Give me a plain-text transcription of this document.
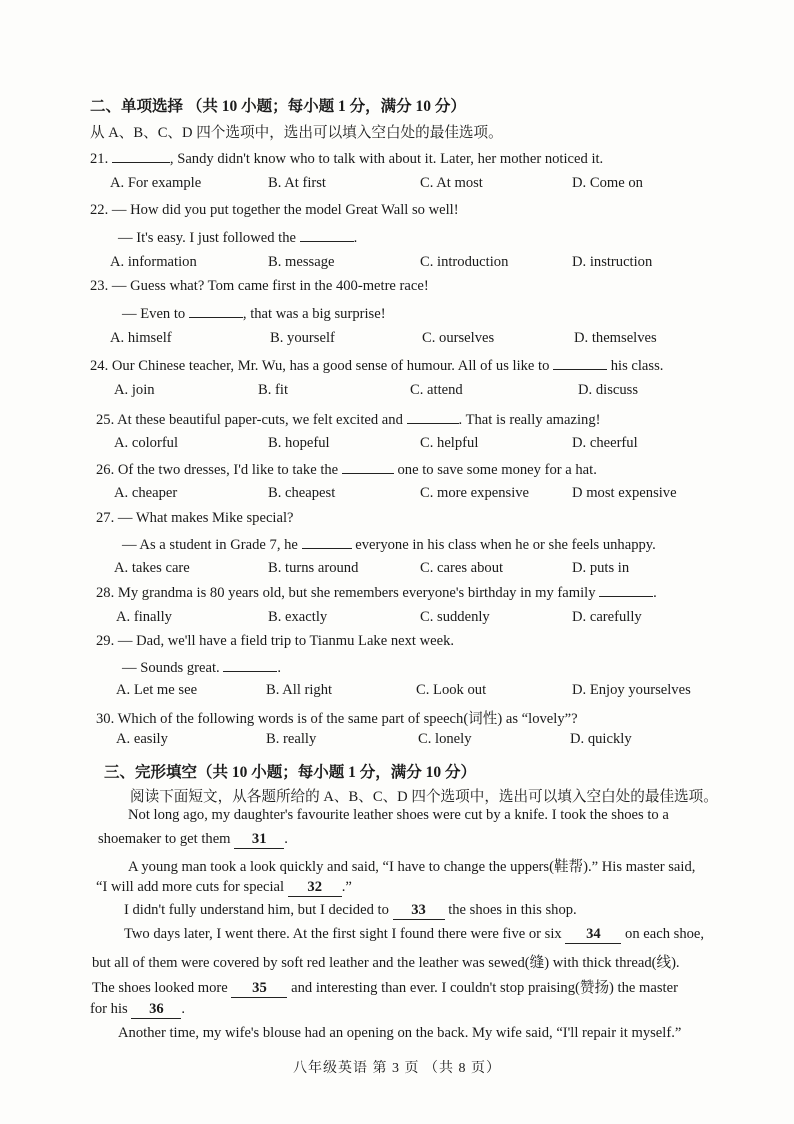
二、单项选择 （共 10 小题；每小题 1 分，满分 10 分）
从 A、B、C、D 四个选项中，选出可以填入空白处的最佳选项。
21.	, Sandy didn't know who to talk with about it. Later, her mother noticed it.
A. For example	B. At first	C. At most	D. Come on
22. — How did you put together the model Great Wall so well!
— It's easy. I just followed the	.
A. information	B. message	C. introduction	D. instruction
23. — Guess what? Tom came first in the 400-metre race!
— Even to	, that was a big surprise!
A. himself	B. yourself	C. ourselves	D. themselves
24. Our Chinese teacher, Mr. Wu, has a good sense of humour. All of us like to	his class.
A. join	B. fit	C. attend	D. discuss
25. At these beautiful paper-cuts, we felt excited and	. That is really amazing!
A. colorful	B. hopeful	C. helpful	D. cheerful
26. Of the two dresses, I'd like to take the	one to save some money for a hat.
A. cheaper	B. cheapest	C. more expensive	D most expensive
27. — What makes Mike special?
— As a student in Grade 7, he	everyone in his class when he or she feels unhappy.
A. takes care	B. turns around	C. cares about	D. puts in
28. My grandma is 80 years old, but she remembers everyone's birthday in my family	.
A. finally	B. exactly	C. suddenly	D. carefully
29. — Dad, we'll have a field trip to Tianmu Lake next week.
— Sounds great.	.
A. Let me see	B. All right	C. Look out	D. Enjoy yourselves
30. Which of the following words is of the same part of speech(词性) as “lovely”?
A. easily	B. really	C. lonely	D. quickly
三、完形填空（共 10 小题；每小题 1 分，满分 10 分）
阅读下面短文，从各题所给的 A、B、C、D 四个选项中，选出可以填入空白处的最佳选项。
Not long ago, my daughter's favourite leather shoes were cut by a knife. I took the shoes to a
shoemaker to get them 31 .
A young man took a look quickly and said, “I have to change the uppers(鞋帮).” His master said,
“I will add more cuts for special 32 .”
I didn't fully understand him, but I decided to 33 the shoes in this shop.
Two days later, I went there. At the first sight I found there were five or six 34 on each shoe,
but all of them were covered by soft red leather and the leather was sewed(缝) with thick thread(线).
The shoes looked more 35 and interesting than ever. I couldn't stop praising(赞扬) the master
for his 36 .
Another time, my wife's blouse had an opening on the back. My wife said, “I'll repair it myself.”
八年级英语 第 3 页 （共 8 页）
